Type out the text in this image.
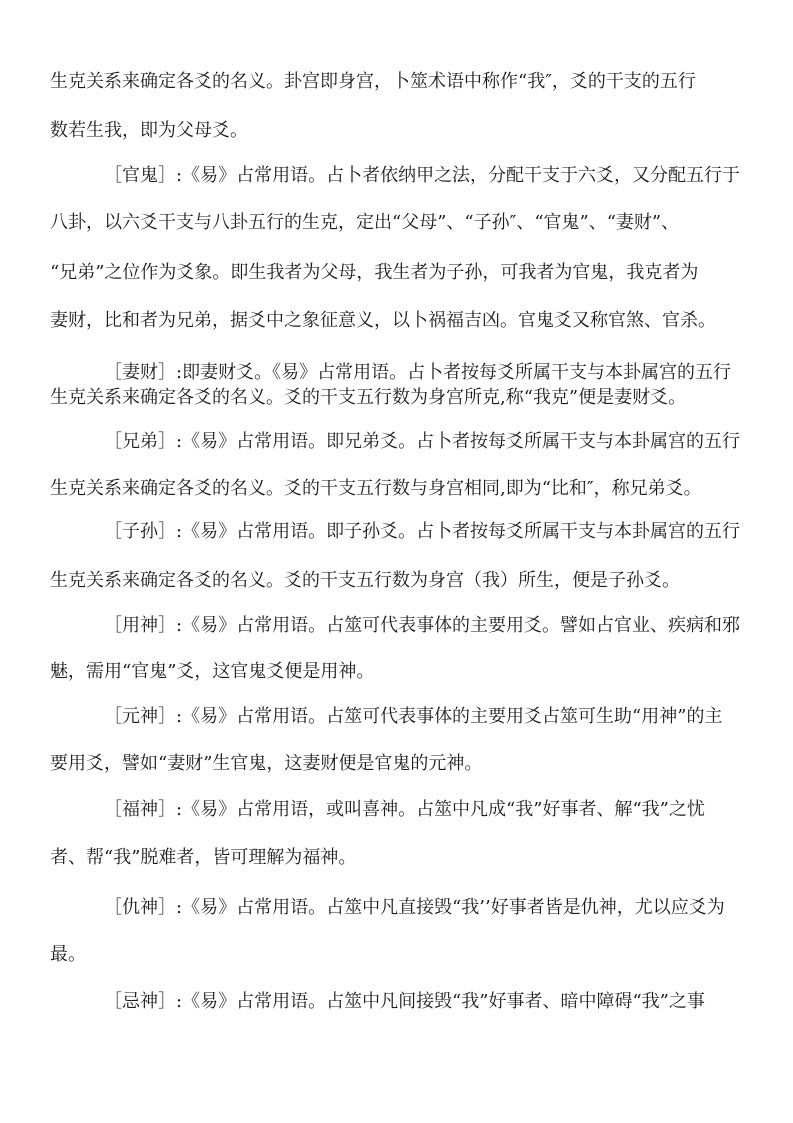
生克关系来确定各爻的名义。卦宫即身宫，卜筮术语中称作“我″，爻的干支的五行
数若生我，即为父母爻。
［官鬼］:《易》占常用语。占卜者依纳甲之法，分配干支于六爻，又分配五行于
八卦，以六爻干支与八卦五行的生克，定出“父母”、“子孙″、“官鬼”、“妻财”、
“兄弟”之位作为爻象。即生我者为父母，我生者为子孙，可我者为官鬼，我克者为
妻财，比和者为兄弟，据爻中之象征意义，以卜祸福吉凶。官鬼爻又称官煞、官杀。
［妻财］:即妻财爻。《易》占常用语。占卜者按每爻所属干支与本卦属宫的五行
生克关系来确定各爻的名义。爻的干支五行数为身宫所克,称“我克”便是妻财爻。
［兄弟］:《易》占常用语。即兄弟爻。占卜者按每爻所属干支与本卦属宫的五行
生克关系来确定各爻的名义。爻的干支五行数与身宫相同,即为“比和″，称兄弟爻。
［子孙］:《易》占常用语。即子孙爻。占卜者按每爻所属干支与本卦属宫的五行
生克关系来确定各爻的名义。爻的干支五行数为身宫（我）所生，便是子孙爻。
［用神］:《易》占常用语。占筮可代表事体的主要用爻。譬如占官业、疾病和邪
魅，需用“官鬼”爻，这官鬼爻便是用神。
［元神］:《易》占常用语。占筮可代表事体的主要用爻占筮可生助“用神”的主
要用爻，譬如“妻财”生官鬼，这妻财便是官鬼的元神。
［福神］:《易》占常用语，或叫喜神。占筮中凡成“我”好事者、解“我”之忧
者、帮“我”脱难者，皆可理解为福神。
［仇神］:《易》占常用语。占筮中凡直接毁“我’’好事者皆是仇神，尤以应爻为
最。
［忌神］:《易》占常用语。占筮中凡间接毁“我”好事者、暗中障碍“我”之事
